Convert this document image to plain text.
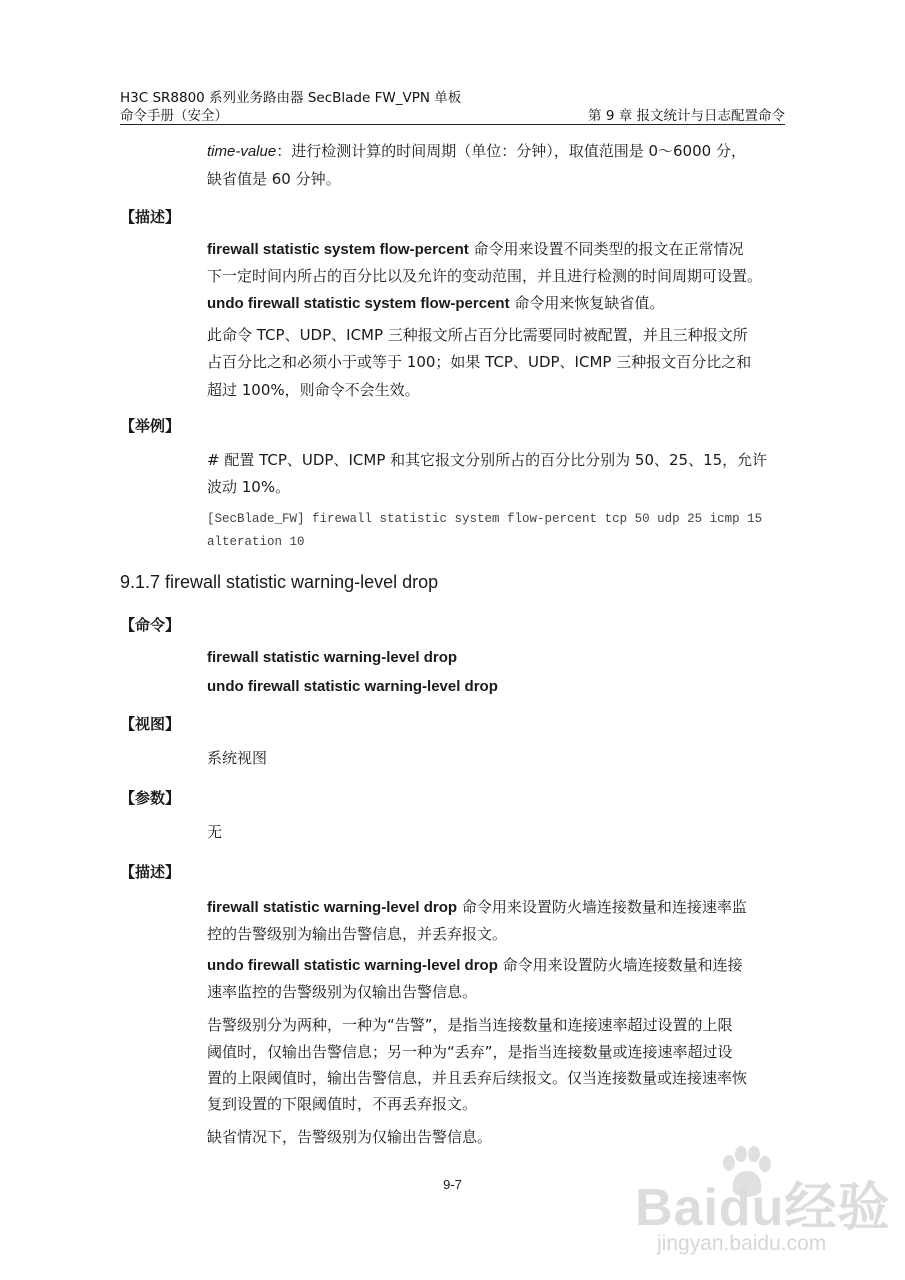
H3C SR8800 系列业务路由器 SecBlade FW_VPN 单板
命令手册（安全）	第 9 章 报文统计与日志配置命令
time-value：进行检测计算的时间周期（单位：分钟），取值范围是 0～6000 分，
缺省值是 60 分钟。
【描述】
firewall statistic system flow-percent 命令用来设置不同类型的报文在正常情况
下一定时间内所占的百分比以及允许的变动范围，并且进行检测的时间周期可设置。
undo firewall statistic system flow-percent 命令用来恢复缺省值。
此命令 TCP、UDP、ICMP 三种报文所占百分比需要同时被配置，并且三种报文所
占百分比之和必须小于或等于 100；如果 TCP、UDP、ICMP 三种报文百分比之和
超过 100%，则命令不会生效。
【举例】
# 配置 TCP、UDP、ICMP 和其它报文分别所占的百分比分别为 50、25、15，允许
波动 10%。
[SecBlade_FW] firewall statistic system flow-percent tcp 50 udp 25 icmp 15
alteration 10
9.1.7 firewall statistic warning-level drop
【命令】
firewall statistic warning-level drop
undo firewall statistic warning-level drop
【视图】
系统视图
【参数】
无
【描述】
firewall statistic warning-level drop 命令用来设置防火墙连接数量和连接速率监
控的告警级别为输出告警信息，并丢弃报文。
undo firewall statistic warning-level drop 命令用来设置防火墙连接数量和连接
速率监控的告警级别为仅输出告警信息。
告警级别分为两种，一种为“告警”，是指当连接数量和连接速率超过设置的上限
阈值时，仅输出告警信息；另一种为“丢弃”，是指当连接数量或连接速率超过设
置的上限阈值时，输出告警信息，并且丢弃后续报文。仅当连接数量或连接速率恢
复到设置的下限阈值时，不再丢弃报文。
缺省情况下，告警级别为仅输出告警信息。
9-7	Baidu经验
jingyan.baidu.com
